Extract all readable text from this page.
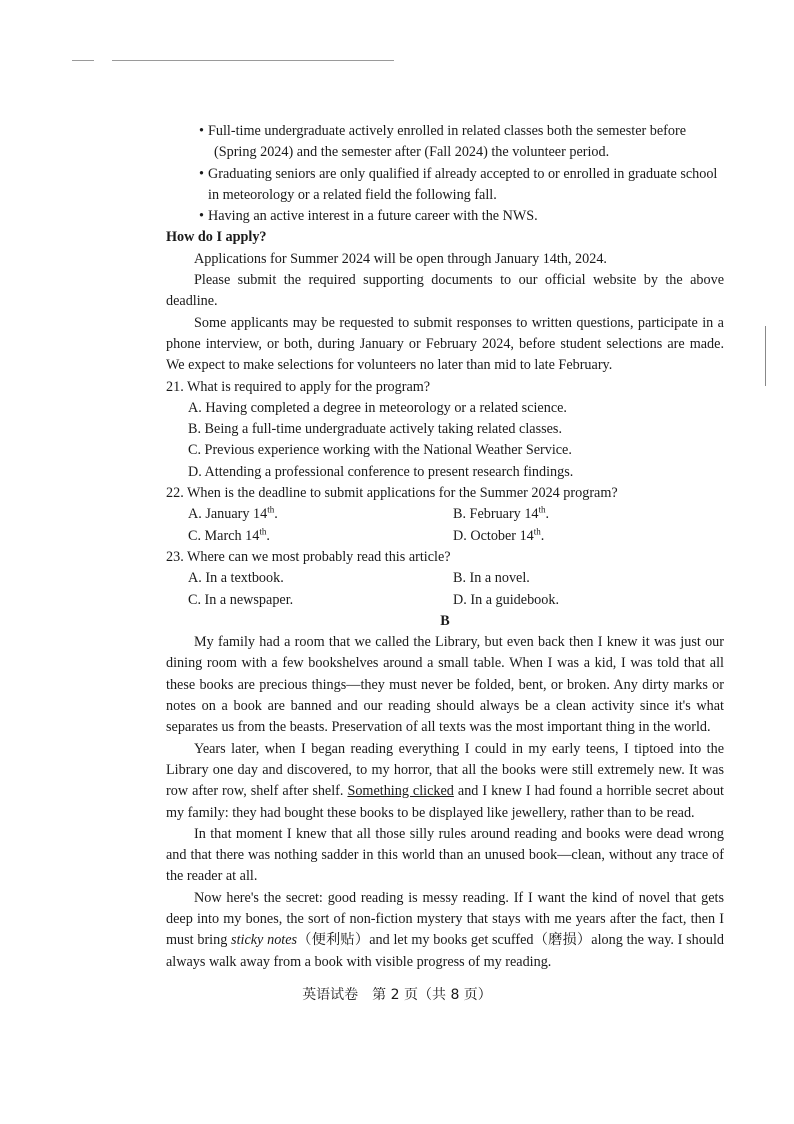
• Full-time undergraduate actively enrolled in related classes both the semester before
(Spring 2024) and the semester after (Fall 2024) the volunteer period.
• Graduating seniors are only qualified if already accepted to or enrolled in graduate school
in meteorology or a related field the following fall.
• Having an active interest in a future career with the NWS.
How do I apply?
Applications for Summer 2024 will be open through January 14th, 2024.
Please submit the required supporting documents to our official website by the above deadline.
Some applicants may be requested to submit responses to written questions, participate in a phone interview, or both, during January or February 2024, before student selections are made. We expect to make selections for volunteers no later than mid to late February.
21. What is required to apply for the program?
A. Having completed a degree in meteorology or a related science.
B. Being a full-time undergraduate actively taking related classes.
C. Previous experience working with the National Weather Service.
D. Attending a professional conference to present research findings.
22. When is the deadline to submit applications for the Summer 2024 program?
A. January 14th.	B. February 14th.
C. March 14th.	D. October 14th.
23. Where can we most probably read this article?
A. In a textbook.	B. In a novel.
C. In a newspaper.	D. In a guidebook.
B
My family had a room that we called the Library, but even back then I knew it was just our dining room with a few bookshelves around a small table. When I was a kid, I was told that all these books are precious things—they must never be folded, bent, or broken. Any dirty marks or notes on a book are banned and our reading should always be a clean activity since it's what separates us from the beasts. Preservation of all texts was the most important thing in the world.
Years later, when I began reading everything I could in my early teens, I tiptoed into the Library one day and discovered, to my horror, that all the books were still extremely new. It was row after row, shelf after shelf. Something clicked and I knew I had found a horrible secret about my family: they had bought these books to be displayed like jewellery, rather than to be read.
In that moment I knew that all those silly rules around reading and books were dead wrong and that there was nothing sadder in this world than an unused book—clean, without any trace of the reader at all.
Now here's the secret: good reading is messy reading. If I want the kind of novel that gets deep into my bones, the sort of non-fiction mystery that stays with me years after the fact, then I must bring sticky notes（便利贴）and let my books get scuffed（磨损）along the way. I should always walk away from a book with visible progress of my reading.
英语试卷　第 2 页（共 8 页）
